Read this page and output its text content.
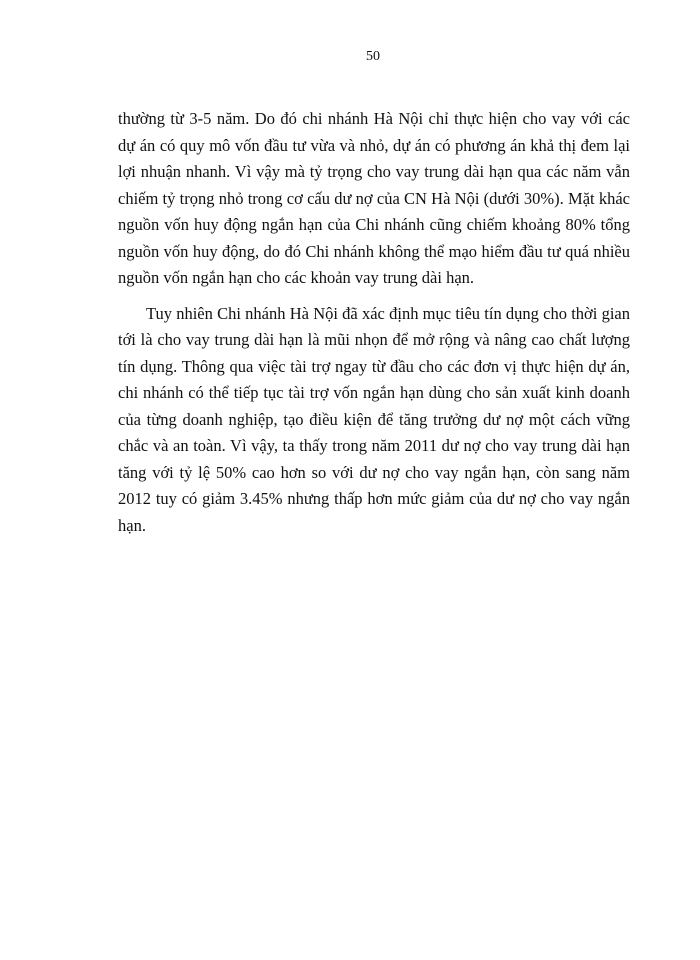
50

thường từ 3-5 năm. Do đó chi nhánh Hà Nội chỉ thực hiện cho vay với các dự án có quy mô vốn đầu tư vừa và nhỏ, dự án có phương án khả thị đem lại lợi nhuận nhanh. Vì vậy mà tỷ trọng cho vay trung dài hạn qua các năm vẫn chiếm tỷ trọng nhỏ trong cơ cấu dư nợ của CN Hà Nội (dưới 30%). Mặt khác nguồn vốn huy động ngắn hạn của Chi nhánh cũng chiếm khoảng 80% tổng nguồn vốn huy động, do đó Chi nhánh không thể mạo hiểm đầu tư quá nhiều nguồn vốn ngắn hạn cho các khoản vay trung dài hạn.

Tuy nhiên Chi nhánh Hà Nội đã xác định mục tiêu tín dụng cho thời gian tới là cho vay trung dài hạn là mũi nhọn để mở rộng và nâng cao chất lượng tín dụng. Thông qua việc tài trợ ngay từ đầu cho các đơn vị thực hiện dự án, chi nhánh có thể tiếp tục tài trợ vốn ngắn hạn dùng cho sản xuất kinh doanh của từng doanh nghiệp, tạo điều kiện để tăng trưởng dư nợ một cách vững chắc và an toàn. Vì vậy, ta thấy trong năm 2011 dư nợ cho vay trung dài hạn tăng với tỷ lệ 50% cao hơn so với dư nợ cho vay ngắn hạn, còn sang năm 2012 tuy có giảm 3.45% nhưng thấp hơn mức giảm của dư nợ cho vay ngắn hạn.
